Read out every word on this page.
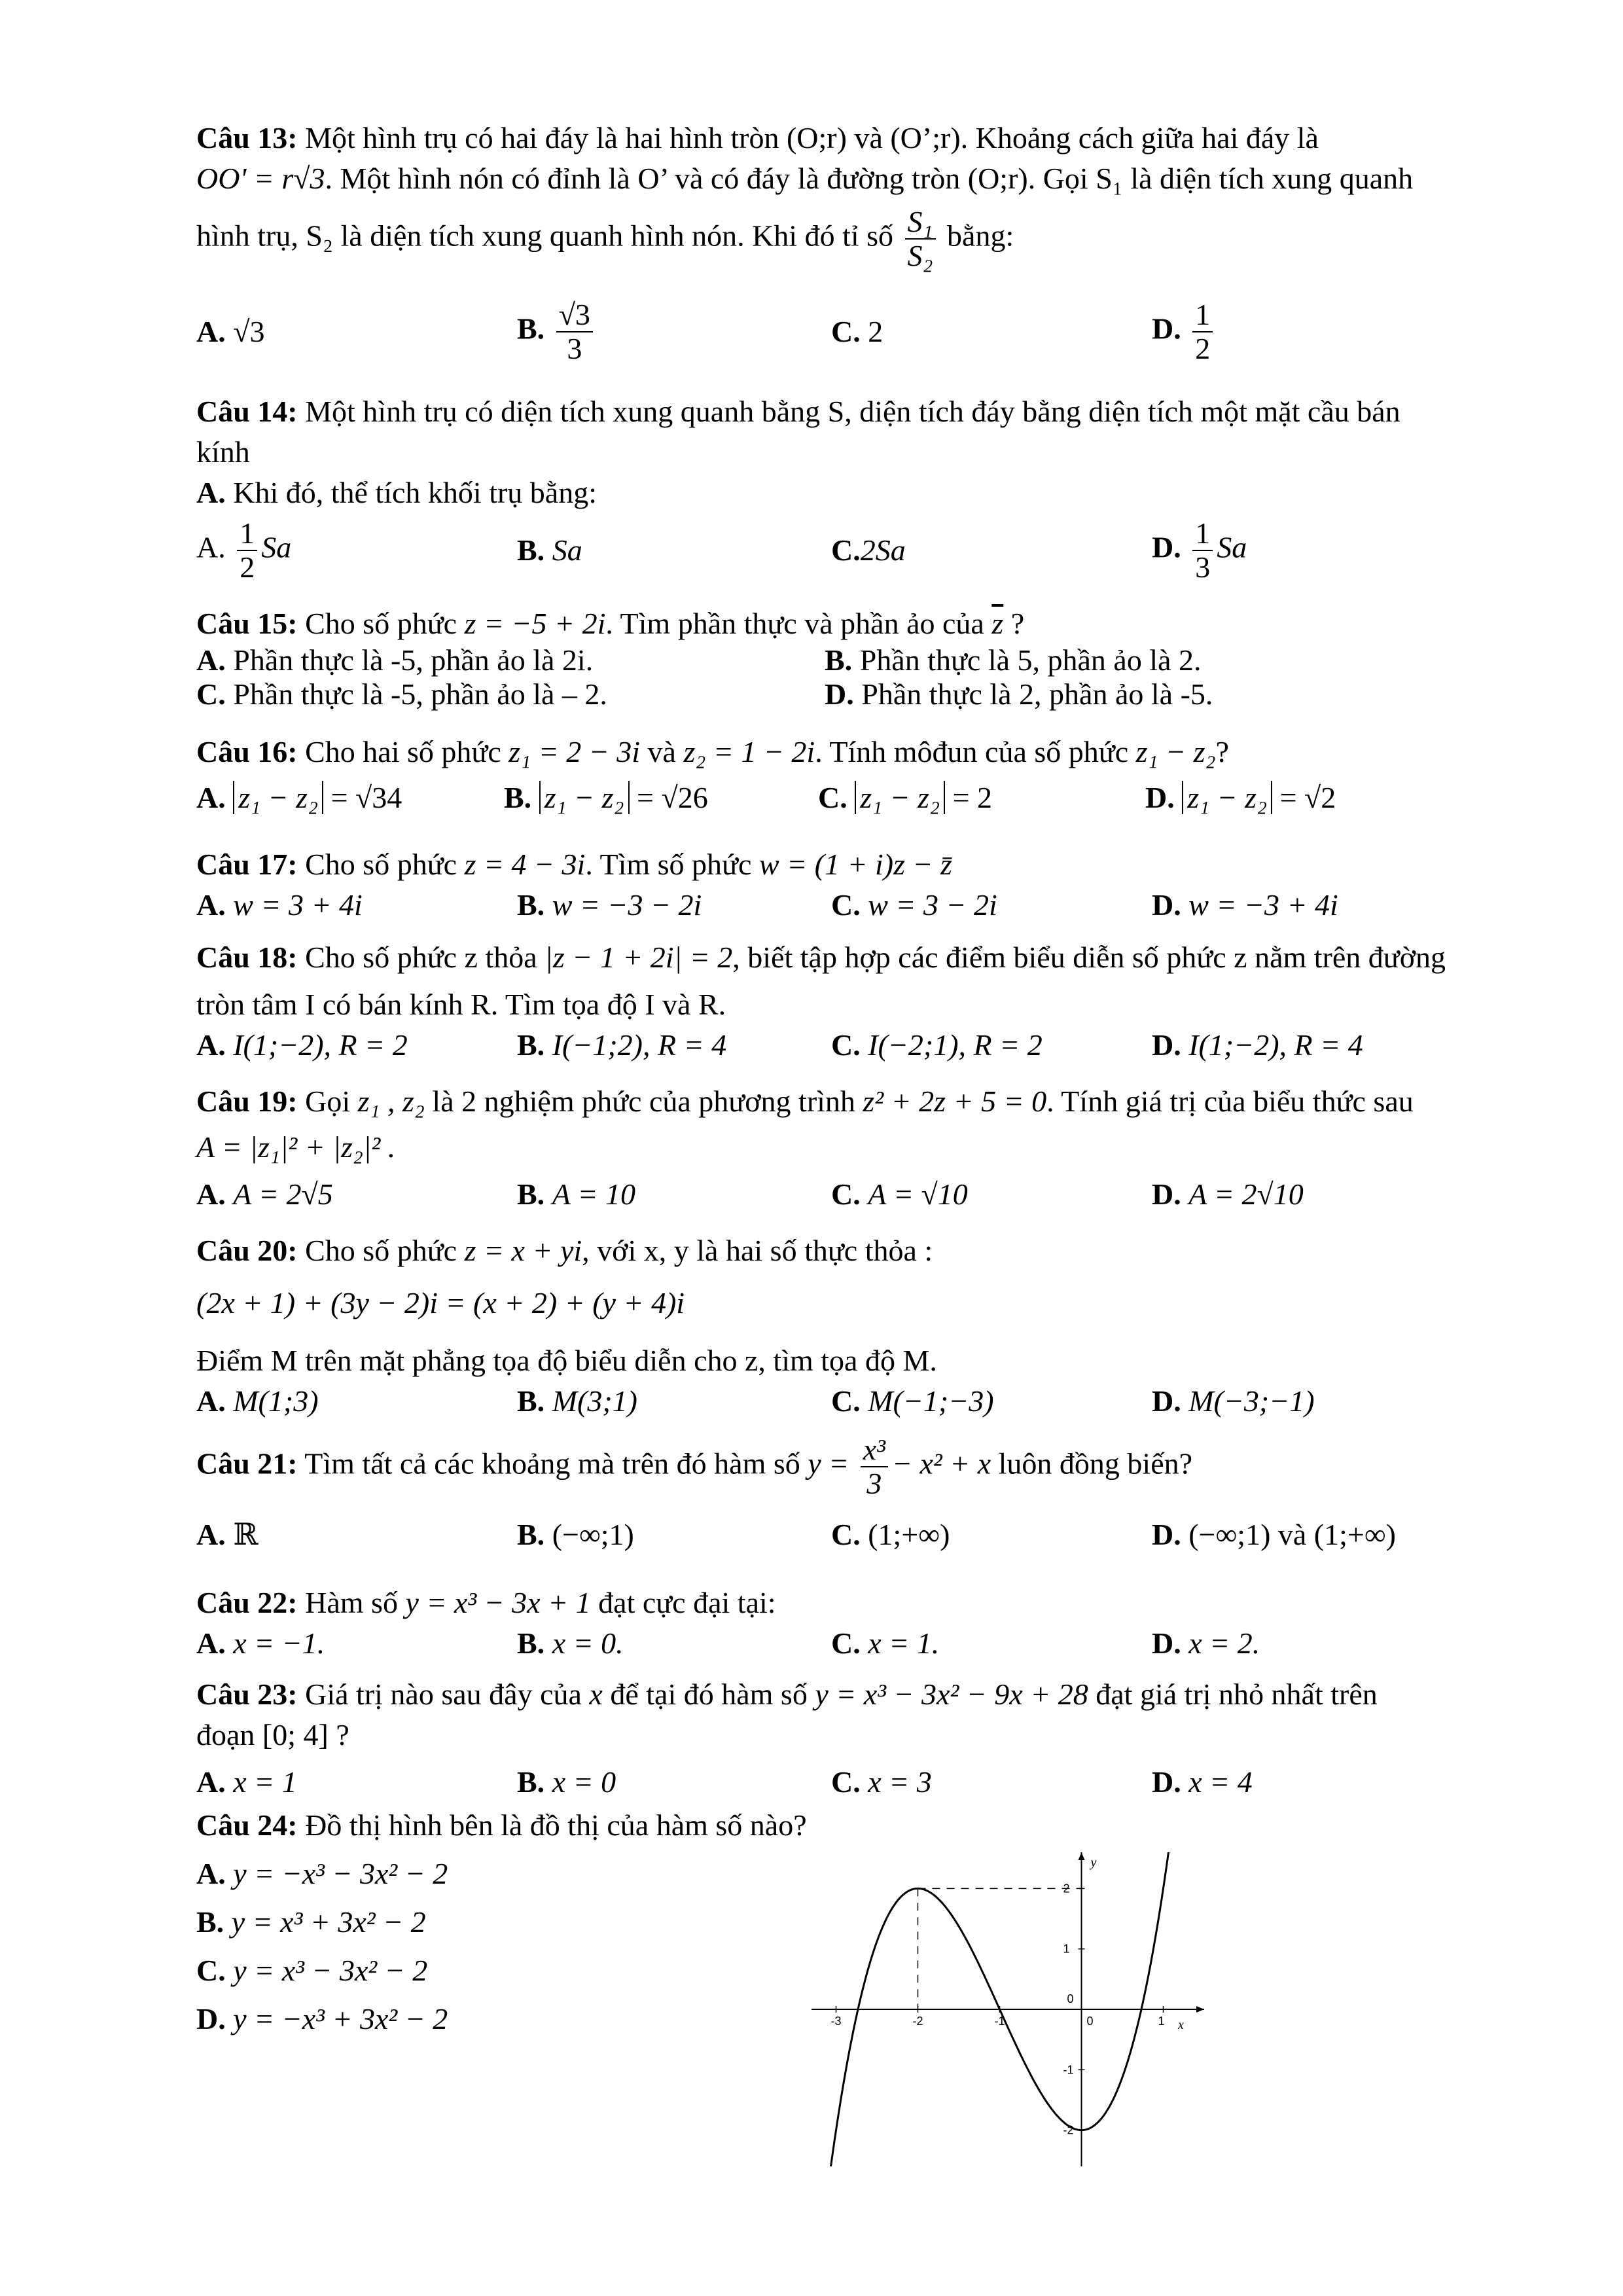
Câu 13: Một hình trụ có hai đáy là hai hình tròn (O;r) và (O’;r). Khoảng cách giữa hai đáy là
OO' = r√3. Một hình nón có đỉnh là O’ và có đáy là đường tròn (O;r). Gọi S₁ là diện tích xung quanh
hình trụ, S₂ là diện tích xung quanh hình nón. Khi đó tỉ số $\frac{\text{S₁}}{\text{S₂}}$ bằng:
A. √3	B. $\frac{√3}{3}$	C. 2	D. $\frac{1}{2}$
Câu 14: Một hình trụ có diện tích xung quanh bằng S, diện tích đáy bằng diện tích một mặt cầu bán
kính
A. Khi đó, thể tích khối trụ bằng:
A. $\frac{1}{2}$ Sa	B. Sa	C.2Sa	D. $\frac{1}{3}$ Sa
Câu 15: Cho số phức z = −5 + 2i. Tìm phần thực và phần ảo của $\overline{z}$ ?
A. Phần thực là -5, phần ảo là 2i.	B. Phần thực là 5, phần ảo là 2.
C. Phần thực là -5, phần ảo là – 2.	D. Phần thực là 2, phần ảo là -5.
Câu 16: Cho hai số phức z₁ = 2 − 3i và z₂ = 1 − 2i. Tính môđun của số phức z₁ − z₂?
A. z₁ − z₂ = √34	B. z₁ − z₂ = √26	C. z₁ − z₂ = 2	D. z₁ − z₂ = √2
Câu 17: Cho số phức z = 4 − 3i. Tìm số phức w = (1 + i)z − z̄
A. w = 3 + 4i	B. w = −3 − 2i	C. w = 3 − 2i	D. w = −3 + 4i
Câu 18: Cho số phức z thỏa |z − 1 + 2i| = 2, biết tập hợp các điểm biểu diễn số phức z nằm trên đường
tròn tâm I có bán kính R. Tìm tọa độ I và R.
A. I(1;−2), R = 2	B. I(−1;2), R = 4	C. I(−2;1), R = 2	D. I(1;−2), R = 4
Câu 19: Gọi z₁ , z₂ là 2 nghiệm phức của phương trình z² + 2z + 5 = 0. Tính giá trị của biểu thức sau
A = |z₁|² + |z₂|² .
A. A = 2√5	B. A = 10	C. A = √10	D. A = 2√10
Câu 20: Cho số phức z = x + yi, với x, y là hai số thực thỏa :
(2x + 1) + (3y − 2)i = (x + 2) + (y + 4)i
Điểm M trên mặt phẳng tọa độ biểu diễn cho z, tìm tọa độ M.
A. M(1;3)	B. M(3;1)	C. M(−1;−3)	D. M(−3;−1)
Câu 21: Tìm tất cả các khoảng mà trên đó hàm số $y = \frac{\text{x³}}{3} - x^2 + x$ luôn đồng biến?
A. ℝ	B. (−∞;1)	C. (1;+∞)	D. (−∞;1) và (1;+∞)
Câu 22: Hàm số y = x³ − 3x + 1 đạt cực đại tại:
A. x = −1.	B. x = 0.	C. x = 1.	D. x = 2.
Câu 23: Giá trị nào sau đây của x để tại đó hàm số y = x³ − 3x² − 9x + 28 đạt giá trị nhỏ nhất trên
đoạn [0; 4] ?
A. x = 1	B. x = 0	C. x = 3	D. x = 4
Câu 24: Đồ thị hình bên là đồ thị của hàm số nào?
A. y = −x³ − 3x² − 2
B. y = x³ + 3x² − 2
C. y = x³ − 3x² − 2
D. y = −x³ + 3x² − 2
y
x
-3	-2	-1	0	1
2
1
0
-1
-2
